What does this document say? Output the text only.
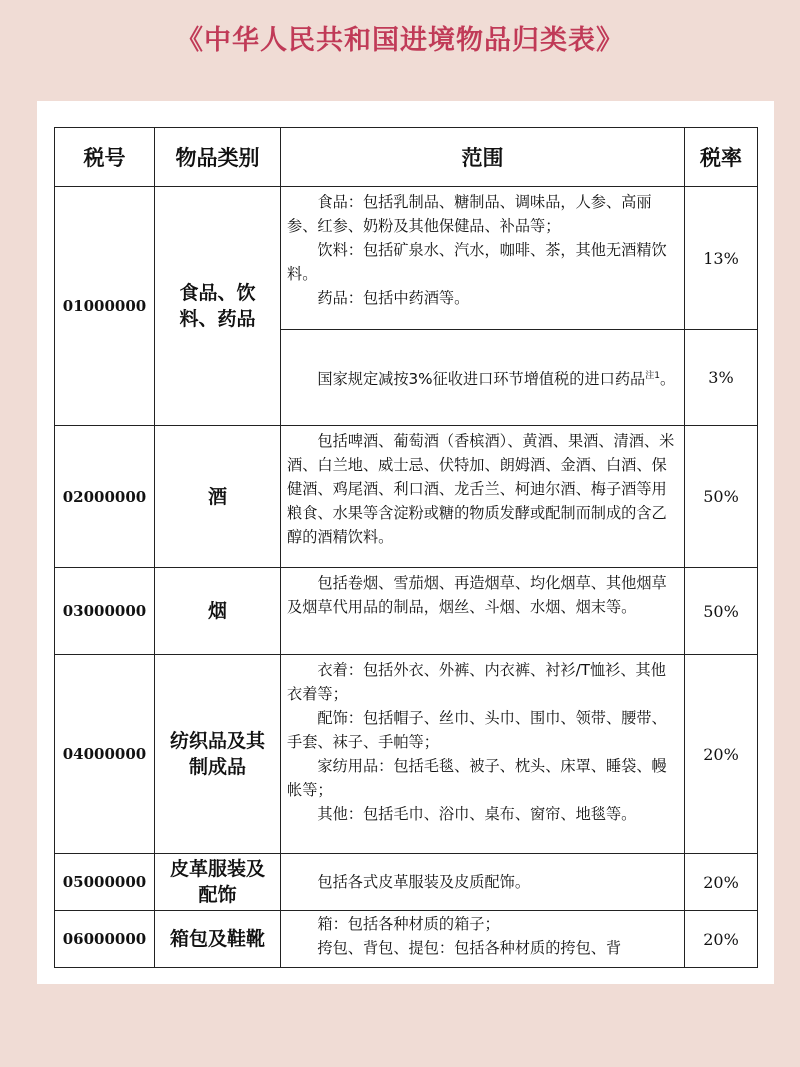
《中华人民共和国进境物品归类表》
税号	物品类别	范围	税率
01000000	食品、饮料、药品	食品：包括乳制品、糖制品、调味品，人参、高丽参、红参、奶粉及其他保健品、补品等；

饮料：包括矿泉水、汽水，咖啡、茶，其他无酒精饮料。

药品：包括中药酒等。	13%

		国家规定减按3%征收进口环节增值税的进口药品$^{注1}$。	3%
02000000	酒	包括啤酒、葡萄酒（香槟酒）、黄酒、果酒、清酒、米酒、白兰地、威士忌、伏特加、朗姆酒、金酒、白酒、保健酒、鸡尾酒、利口酒、龙舌兰、柯迪尔酒、梅子酒等用粮食、水果等含淀粉或糖的物质发酵或配制而制成的含乙醇的酒精饮料。	50%
03000000	烟	包括卷烟、雪茄烟、再造烟草、均化烟草、其他烟草及烟草代用品的制品，烟丝、斗烟、水烟、烟末等。	50%
04000000	纺织品及其制成品	衣着：包括外衣、外裤、内衣裤、衬衫/T恤衫、其他衣着等；

配饰：包括帽子、丝巾、头巾、围巾、领带、腰带、手套、袜子、手帕等；

家纺用品：包括毛毯、被子、枕头、床罩、睡袋、幔帐等；

其他：包括毛巾、浴巾、桌布、窗帘、地毯等。	20%
05000000	皮革服装及配饰	包括各式皮革服装及皮质配饰。	20%
06000000	箱包及鞋靴	箱：包括各种材质的箱子；

挎包、背包、提包：包括各种材质的挎包、背	20%
